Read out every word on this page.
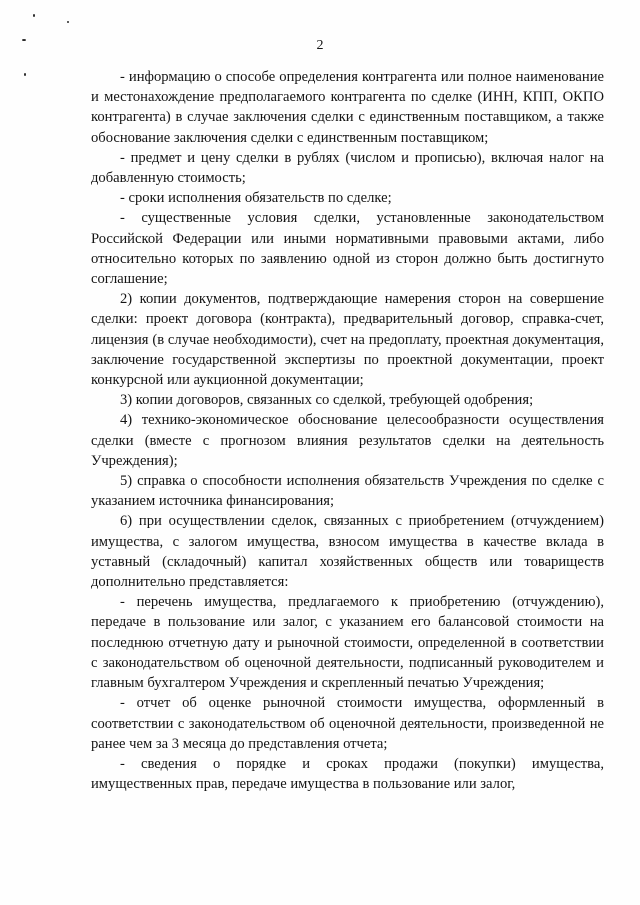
2

- информацию о способе определения контрагента или полное наименование и местонахождение предполагаемого контрагента по сделке (ИНН, КПП, ОКПО контрагента) в случае заключения сделки с единственным поставщиком, а также обоснование заключения сделки с единственным поставщиком;

- предмет и цену сделки в рублях (числом и прописью), включая налог на добавленную стоимость;

- сроки исполнения обязательств по сделке;

- существенные условия сделки, установленные законодательством Российской Федерации или иными нормативными правовыми актами, либо относительно которых по заявлению одной из сторон должно быть достигнуто соглашение;

2) копии документов, подтверждающие намерения сторон на совершение сделки: проект договора (контракта), предварительный договор, справка-счет, лицензия (в случае необходимости), счет на предоплату, проектная документация, заключение государственной экспертизы по проектной документации, проект конкурсной или аукционной документации;

3) копии договоров, связанных со сделкой, требующей одобрения;

4) технико-экономическое обоснование целесообразности осуществления сделки (вместе с прогнозом влияния результатов сделки на деятельность Учреждения);

5) справка о способности исполнения обязательств Учреждения по сделке с указанием источника финансирования;

6) при осуществлении сделок, связанных с приобретением (отчуждением) имущества, с залогом имущества, взносом имущества в качестве вклада в уставный (складочный) капитал хозяйственных обществ или товариществ дополнительно представляется:

- перечень имущества, предлагаемого к приобретению (отчуждению), передаче в пользование или залог, с указанием его балансовой стоимости на последнюю отчетную дату и рыночной стоимости, определенной в соответствии с законодательством об оценочной деятельности, подписанный руководителем и главным бухгалтером Учреждения и скрепленный печатью Учреждения;

- отчет об оценке рыночной стоимости имущества, оформленный в соответствии с законодательством об оценочной деятельности, произведенной не ранее чем за 3 месяца до представления отчета;

- сведения о порядке и сроках продажи (покупки) имущества, имущественных прав, передаче имущества в пользование или залог,
